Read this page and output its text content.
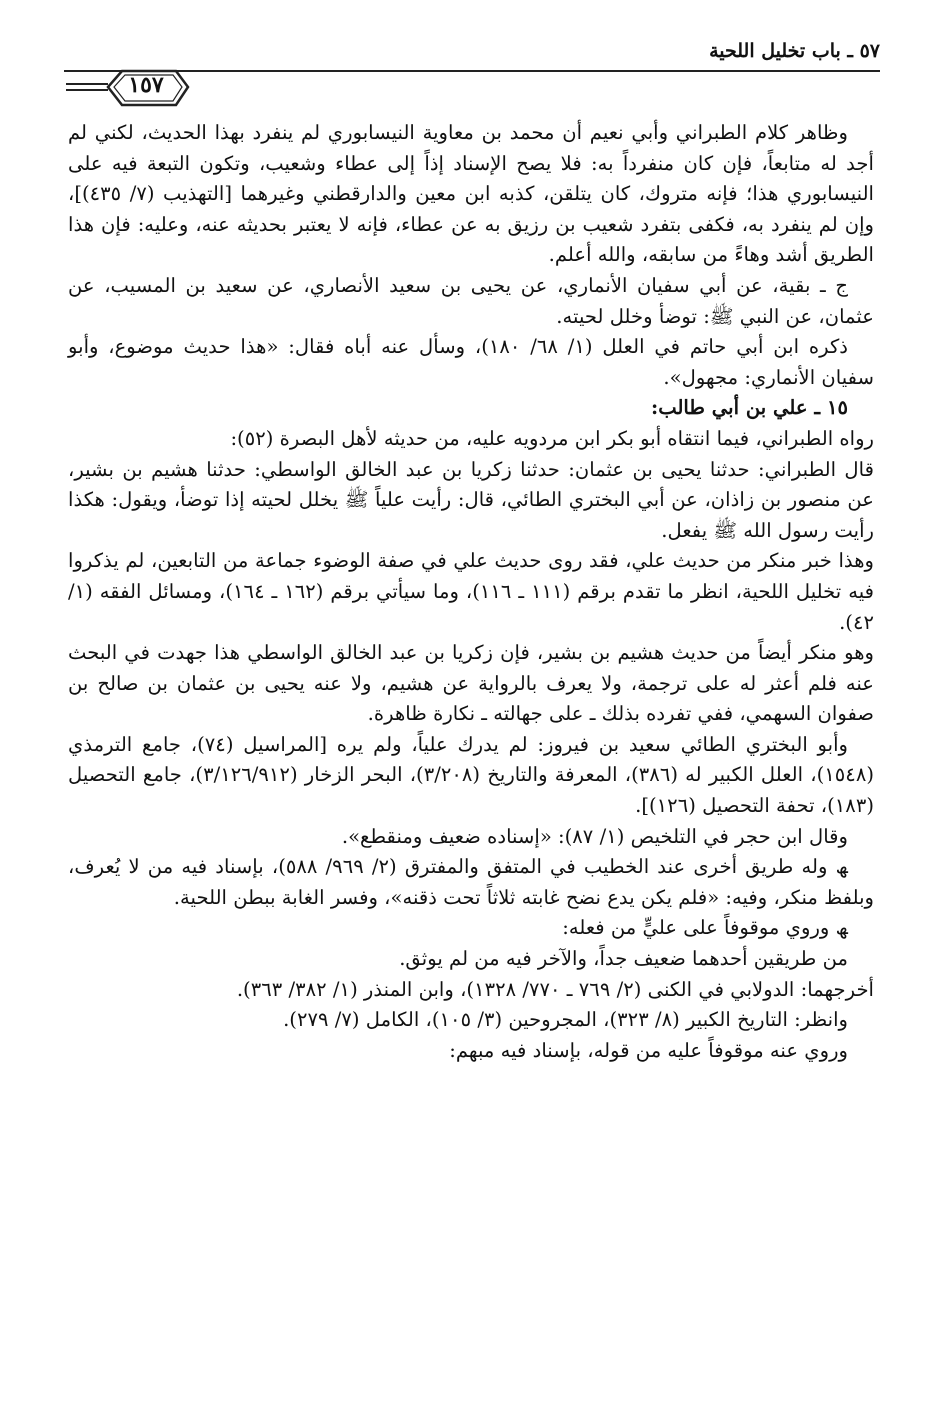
٥٧ ـ باب تخليل اللحية
١٥٧

وظاهر كلام الطبراني وأبي نعيم أن محمد بن معاوية النيسابوري لم ينفرد بهذا الحديث، لكني لم أجد له متابعاً، فإن كان منفرداً به: فلا يصح الإسناد إذاً إلى عطاء وشعيب، وتكون التبعة فيه على النيسابوري هذا؛ فإنه متروك، كان يتلقن، كذبه ابن معين والدارقطني وغيرهما [التهذيب (٧/ ٤٣٥)]، وإن لم ينفرد به، فكفى بتفرد شعيب بن رزيق به عن عطاء، فإنه لا يعتبر بحديثه عنه، وعليه: فإن هذا الطريق أشد وهاءً من سابقه، والله أعلم.

ج ـ بقية، عن أبي سفيان الأنماري، عن يحيى بن سعيد الأنصاري، عن سعيد بن المسيب، عن عثمان، عن النبي ﷺ: توضأ وخلل لحيته.

ذكره ابن أبي حاتم في العلل (١/ ٦٨/ ١٨٠)، وسأل عنه أباه فقال: «هذا حديث موضوع، وأبو سفيان الأنماري: مجهول».

١٥ ـ علي بن أبي طالب:

رواه الطبراني، فيما انتقاه أبو بكر ابن مردويه عليه، من حديثه لأهل البصرة (٥٢):

قال الطبراني: حدثنا يحيى بن عثمان: حدثنا زكريا بن عبد الخالق الواسطي: حدثنا هشيم بن بشير، عن منصور بن زاذان، عن أبي البختري الطائي، قال: رأيت علياً ﷺ يخلل لحيته إذا توضأ، ويقول: هكذا رأيت رسول الله ﷺ يفعل.

وهذا خبر منكر من حديث علي، فقد روى حديث علي في صفة الوضوء جماعة من التابعين، لم يذكروا فيه تخليل اللحية، انظر ما تقدم برقم (١١١ ـ ١١٦)، وما سيأتي برقم (١٦٢ ـ ١٦٤)، ومسائل الفقه (١/ ٤٢).

وهو منكر أيضاً من حديث هشيم بن بشير، فإن زكريا بن عبد الخالق الواسطي هذا جهدت في البحث عنه فلم أعثر له على ترجمة، ولا يعرف بالرواية عن هشيم، ولا عنه يحيى بن عثمان بن صالح بن صفوان السهمي، ففي تفرده بذلك ـ على جهالته ـ نكارة ظاهرة.

وأبو البختري الطائي سعيد بن فيروز: لم يدرك علياً، ولم يره [المراسيل (٧٤)، جامع الترمذي (١٥٤٨)، العلل الكبير له (٣٨٦)، المعرفة والتاريخ (٣/٢٠٨)، البحر الزخار (٣/١٢٦/٩١٢)، جامع التحصيل (١٨٣)، تحفة التحصيل (١٢٦)].

وقال ابن حجر في التلخيص (١/ ٨٧): «إسناده ضعيف ومنقطع».

ﮫ وله طريق أخرى عند الخطيب في المتفق والمفترق (٢/ ٩٦٩/ ٥٨٨)، بإسناد فيه من لا يُعرف، وبلفظ منكر، وفيه: «فلم يكن يدع نضح غابته ثلاثاً تحت ذقنه»، وفسر الغابة ببطن اللحية.

ﮫ وروي موقوفاً على عليٍّ من فعله:

من طريقين أحدهما ضعيف جداً، والآخر فيه من لم يوثق.

أخرجهما: الدولابي في الكنى (٢/ ٧٦٩ ـ ٧٧٠/ ١٣٢٨)، وابن المنذر (١/ ٣٨٢/ ٣٦٣).

وانظر: التاريخ الكبير (٨/ ٣٢٣)، المجروحين (٣/ ١٠٥)، الكامل (٧/ ٢٧٩).

وروي عنه موقوفاً عليه من قوله، بإسناد فيه مبهم:
